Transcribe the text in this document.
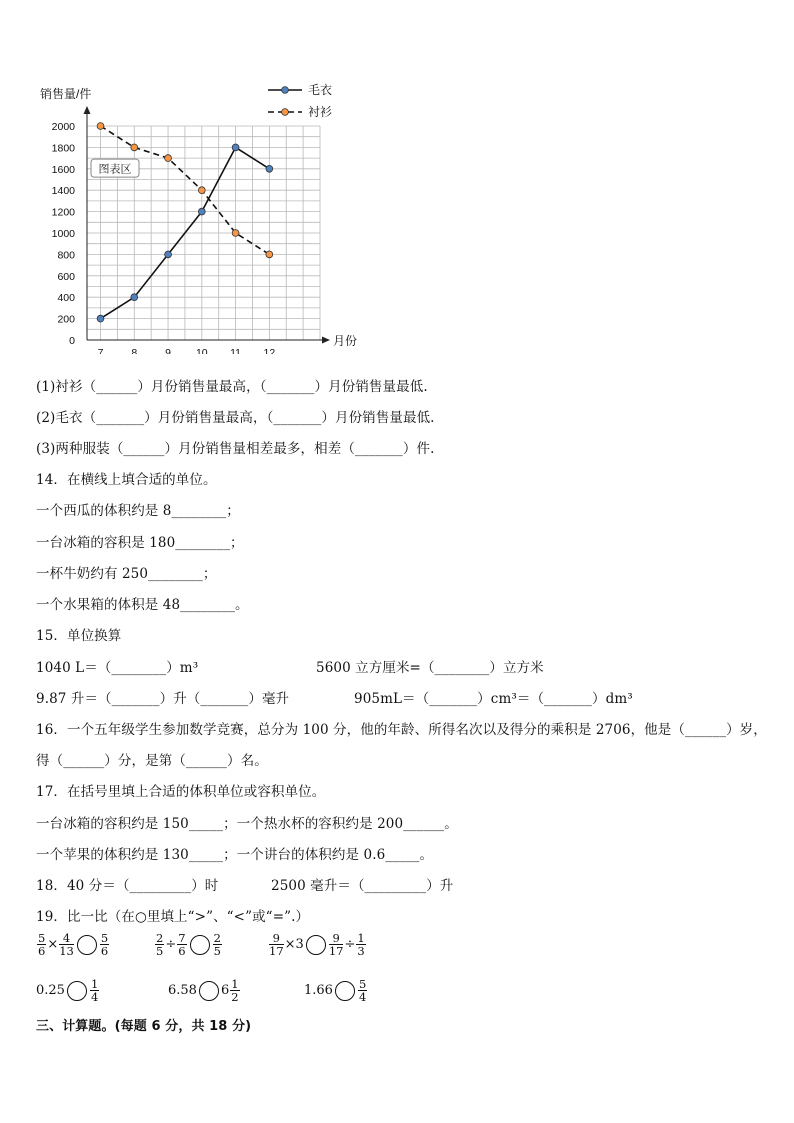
0
200
400
600
800
1000
1200
1400
1600
1800
2000
7	8	9 10 11 12
销售量/件
月份
图表区
毛衣
衬衫
(1)衬衫（______）月份销售量最高，（_______）月份销售量最低.
(2)毛衣（_______）月份销售量最高，（_______）月份销售量最低.
(3)两种服装（______）月份销售量相差最多，相差（_______）件.
14．在横线上填合适的单位。
一个西瓜的体积约是 8________；
一台冰箱的容积是 180________；
一杯牛奶约有 250________；
一个水果箱的体积是 48________。
15．单位换算
1040 L＝（________）m³	5600 立方厘米=（________）立方米
9.87 升＝（_______）升（_______）毫升	905mL＝（_______）cm³＝（_______）dm³
16．一个五年级学生参加数学竞赛，总分为 100 分，他的年龄、所得名次以及得分的乘积是 2706，他是（______）岁，
得（______）分，是第（______）名。
17．在括号里填上合适的体积单位或容积单位。
一台冰箱的容积约是 150_____；一个热水杯的容积约是 200______。
一个苹果的体积约是 130_____；一个讲台的体积约是 0.6_____。
18．40 分＝（_________）时	2500 毫升＝（_________）升
19．比一比（在○里填上“>”、“<”或“=”.）
$\frac{5}{6} \times \frac{4}{13} \frac{5}{6}$	$\frac{2}{5} \div \frac{7}{6} \frac{2}{5}$	$\frac{9}{17} \times 3 \frac{9}{17} \div \frac{1}{3}$
$0.25 \frac{1}{4}$	6.58 $6 \frac{1}{2}$	$1.66 \frac{5}{4}$
三、计算题。(每题 6 分，共 18 分)
